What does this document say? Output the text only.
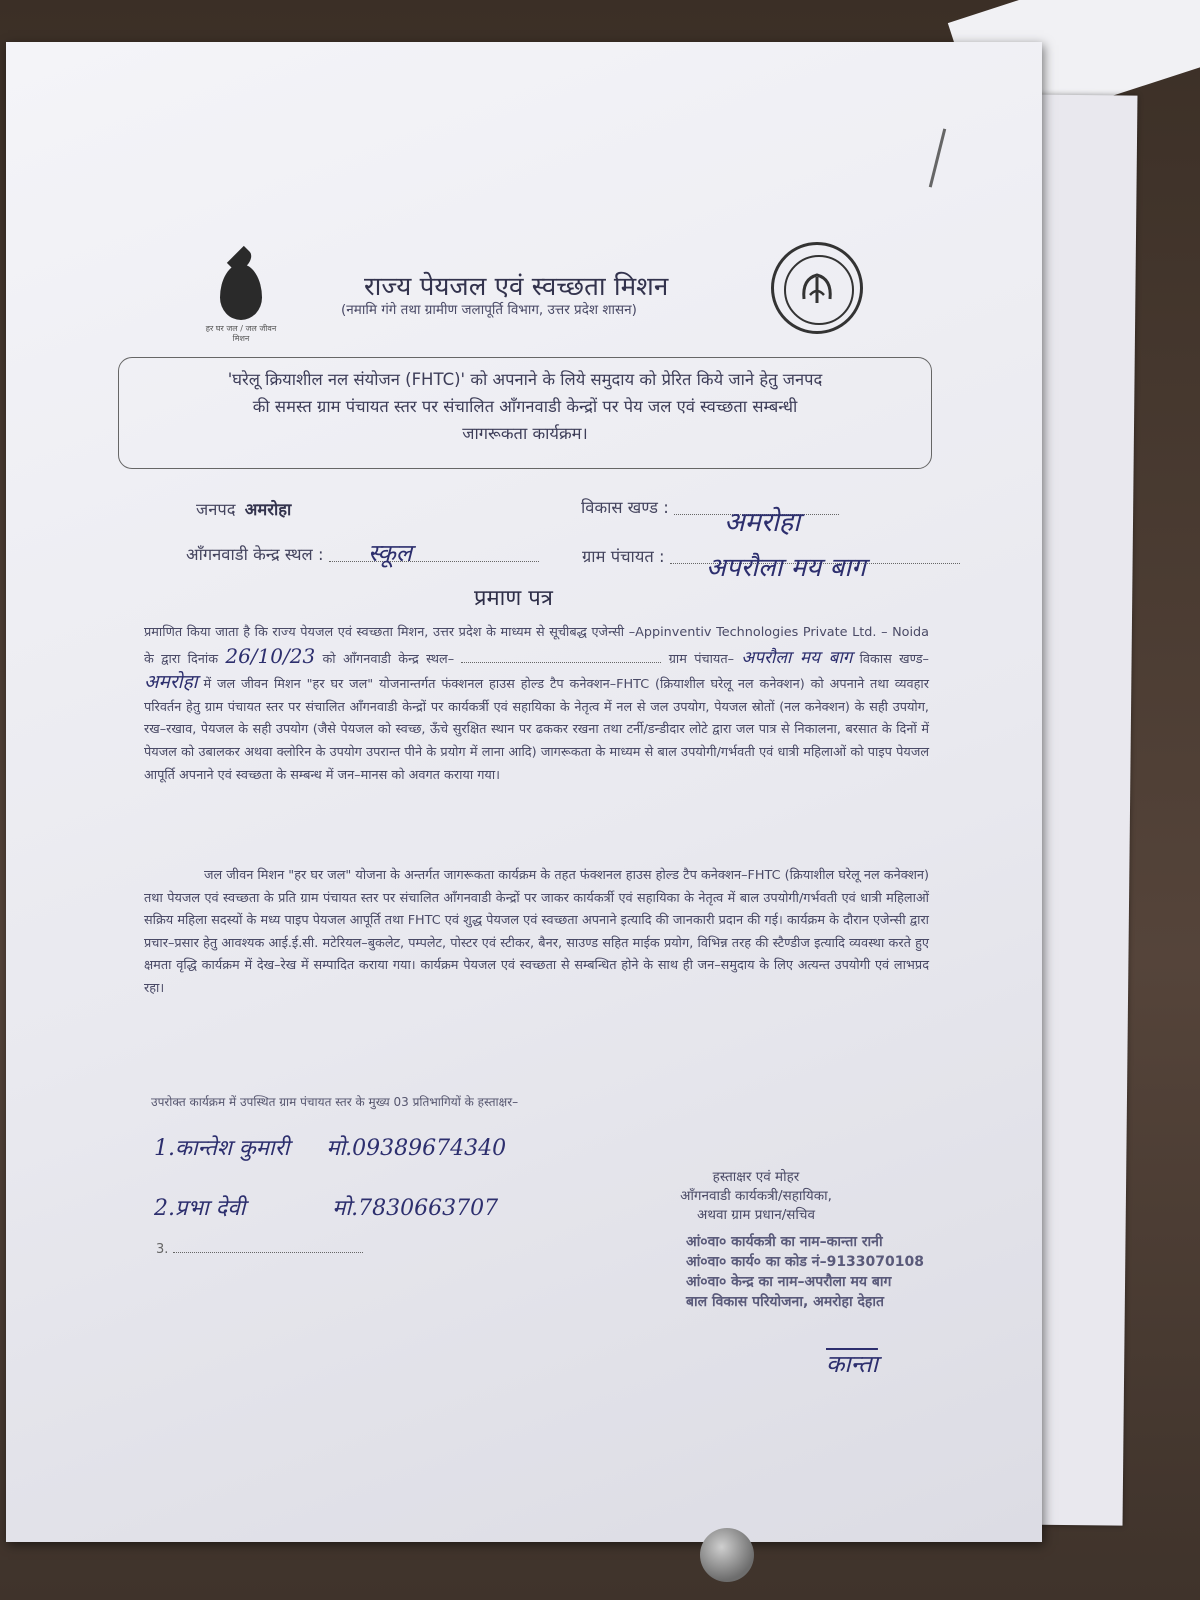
हर घर जल / जल जीवन मिशन
राज्य पेयजल एवं स्वच्छता मिशन
(नमामि गंगे तथा ग्रामीण जलापूर्ति विभाग, उत्तर प्रदेश शासन)
'घरेलू क्रियाशील नल संयोजन (FHTC)' को अपनाने के लिये समुदाय को प्रेरित किये जाने हेतु जनपद
की समस्त ग्राम पंचायत स्तर पर संचालित आँगनवाडी केन्द्रों पर पेय जल एवं स्वच्छता सम्बन्धी
जागरूकता कार्यक्रम।
जनपद अमरोहा	विकास खण्ड :	अमरोहा
आँगनवाडी केन्द्र स्थल :	स्कूल	ग्राम पंचायत :	अपरौला मय बाग
प्रमाण पत्र
प्रमाणित किया जाता है कि राज्य पेयजल एवं स्वच्छता मिशन, उत्तर प्रदेश के माध्यम से सूचीबद्ध एजेन्सी –Appinventiv Technologies Private Ltd. – Noida के द्वारा दिनांक 26/10/23 को आँगनवाडी केन्द्र स्थल–	ग्राम पंचायत– अपरौला मय बाग विकास खण्ड– अमरोहा में जल जीवन मिशन "हर घर जल" योजनान्तर्गत फंक्शनल हाउस होल्ड टैप कनेक्शन–FHTC (क्रियाशील घरेलू नल कनेक्शन) को अपनाने तथा व्यवहार परिवर्तन हेतु ग्राम पंचायत स्तर पर संचालित आँगनवाडी केन्द्रों पर कार्यकर्त्री एवं सहायिका के नेतृत्व में नल से जल उपयोग, पेयजल स्रोतों (नल कनेक्शन) के सही उपयोग, रख–रखाव, पेयजल के सही उपयोग (जैसे पेयजल को स्वच्छ, ऊँचे सुरक्षित स्थान पर ढककर रखना तथा टर्नी/डन्डीदार लोटे द्वारा जल पात्र से निकालना, बरसात के दिनों में पेयजल को उबालकर अथवा क्लोरिन के उपयोग उपरान्त पीने के प्रयोग में लाना आदि) जागरूकता के माध्यम से बाल उपयोगी/गर्भवती एवं धात्री महिलाओं को पाइप पेयजल आपूर्ति अपनाने एवं स्वच्छता के सम्बन्ध में जन–मानस को अवगत कराया गया।
जल जीवन मिशन "हर घर जल" योजना के अन्तर्गत जागरूकता कार्यक्रम के तहत फंक्शनल हाउस होल्ड टैप कनेक्शन–FHTC (क्रियाशील घरेलू नल कनेक्शन) तथा पेयजल एवं स्वच्छता के प्रति ग्राम पंचायत स्तर पर संचालित आँगनवाडी केन्द्रों पर जाकर कार्यकर्त्री एवं सहायिका के नेतृत्व में बाल उपयोगी/गर्भवती एवं धात्री महिलाओं सक्रिय महिला सदस्यों के मध्य पाइप पेयजल आपूर्ति तथा FHTC एवं शुद्ध पेयजल एवं स्वच्छता अपनाने इत्यादि की जानकारी प्रदान की गई। कार्यक्रम के दौरान एजेन्सी द्वारा प्रचार–प्रसार हेतु आवश्यक आई.ई.सी. मटेरियल–बुकलेट, पम्पलेट, पोस्टर एवं स्टीकर, बैनर, साउण्ड सहित माईक प्रयोग, विभिन्न तरह की स्टैण्डीज इत्यादि व्यवस्था करते हुए क्षमता वृद्धि कार्यक्रम में देख–रेख में सम्पादित कराया गया। कार्यक्रम पेयजल एवं स्वच्छता से सम्बन्धित होने के साथ ही जन–समुदाय के लिए अत्यन्त उपयोगी एवं लाभप्रद रहा।
उपरोक्त कार्यक्रम में उपस्थित ग्राम पंचायत स्तर के मुख्य 03 प्रतिभागियों के हस्ताक्षर–
1.कान्तेश कुमारी मो.09389674340
2.प्रभा देवी	मो.7830663707
3.
हस्ताक्षर एवं मोहर
आँगनवाडी कार्यकत्री/सहायिका,
अथवा ग्राम प्रधान/सचिव
आं०वा० कार्यकत्री का नाम–कान्ता रानी
आं०वा० कार्य० का कोड नं–9133070108
आं०वा० केन्द्र का नाम–अपरौला मय बाग
बाल विकास परियोजना, अमरोहा देहात
कान्ता
